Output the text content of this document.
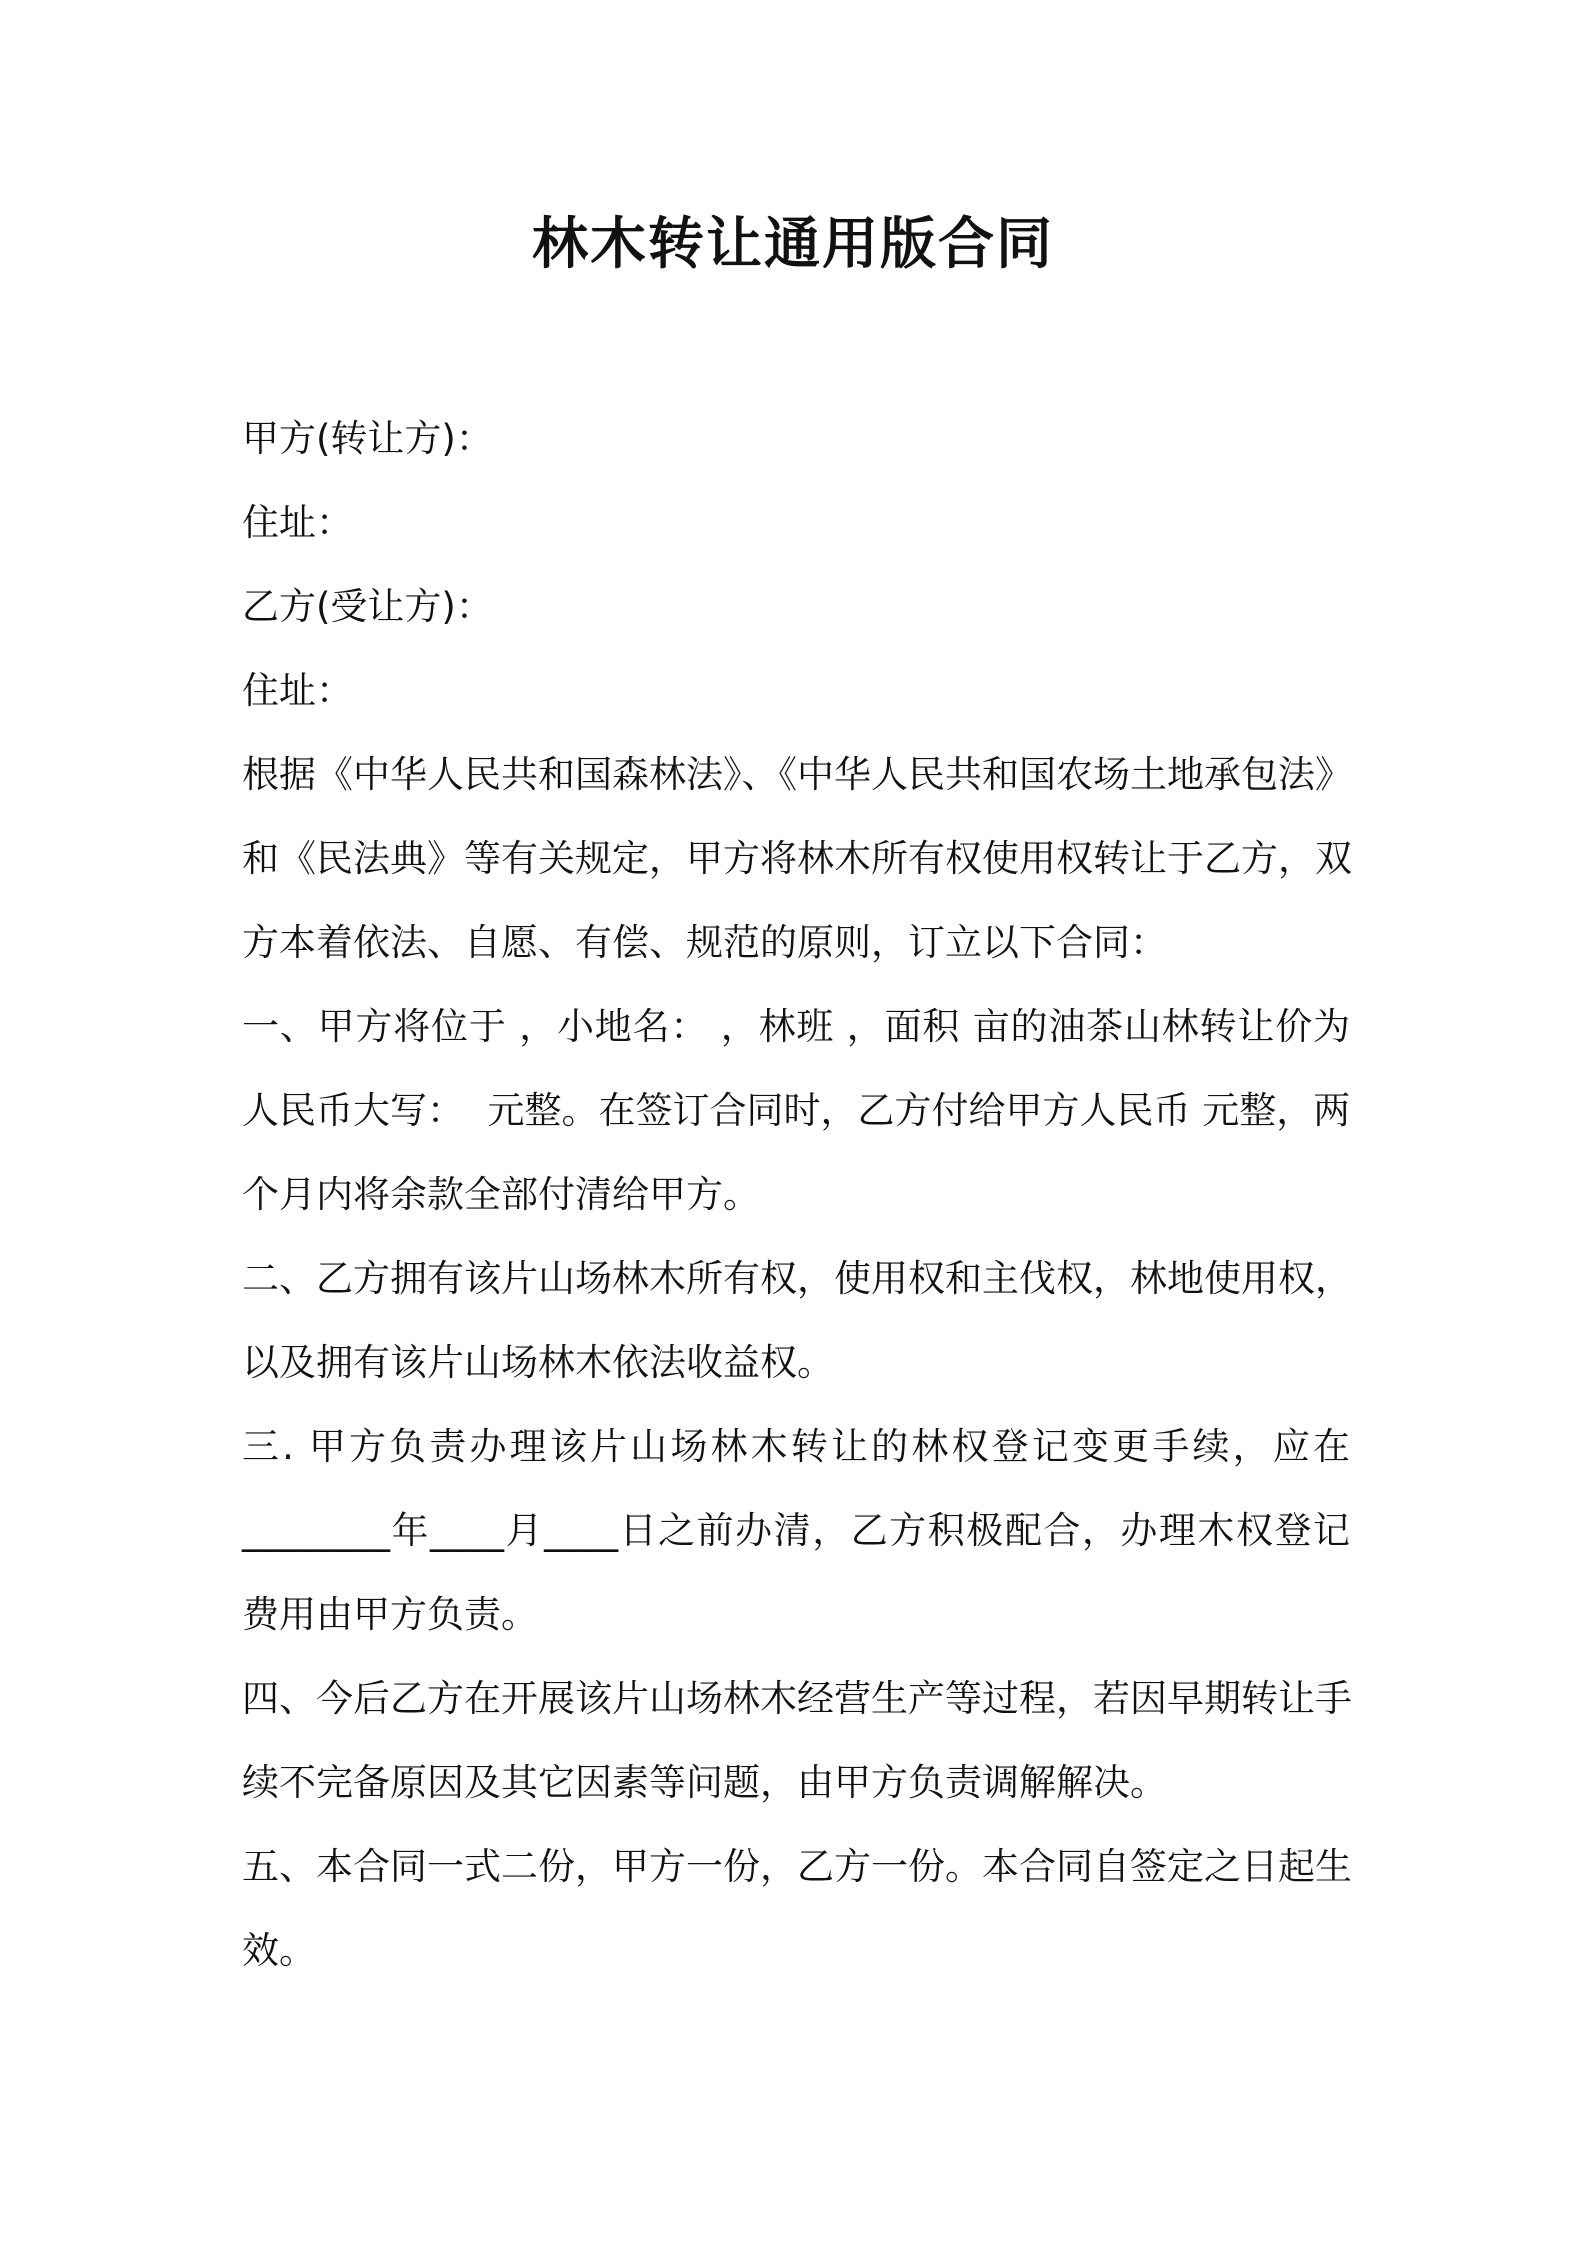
林木转让通用版合同

甲方(转让方)：

住址：

乙方(受让方)：

住址：

根据《中华人民共和国森林法》、《中华人民共和国农场土地承包法》

和《民法典》等有关规定，甲方将林木所有权使用权转让于乙方，双

方本着依法、自愿、有偿、规范的原则，订立以下合同：

一、甲方将位于 ，小地名： ，林班 ，面积 亩的油茶山林转让价为

人民币大写：  元整。在签订合同时，乙方付给甲方人民币 元整，两

个月内将余款全部付清给甲方。

二、乙方拥有该片山场林木所有权，使用权和主伐权，林地使用权，

以及拥有该片山场林木依法收益权。

三. 甲方负责办理该片山场林木转让的林权登记变更手续，应在

________年____月____日之前办清，乙方积极配合，办理木权登记

费用由甲方负责。

四、今后乙方在开展该片山场林木经营生产等过程，若因早期转让手

续不完备原因及其它因素等问题，由甲方负责调解解决。

五、本合同一式二份，甲方一份，乙方一份。本合同自签定之日起生

效。
